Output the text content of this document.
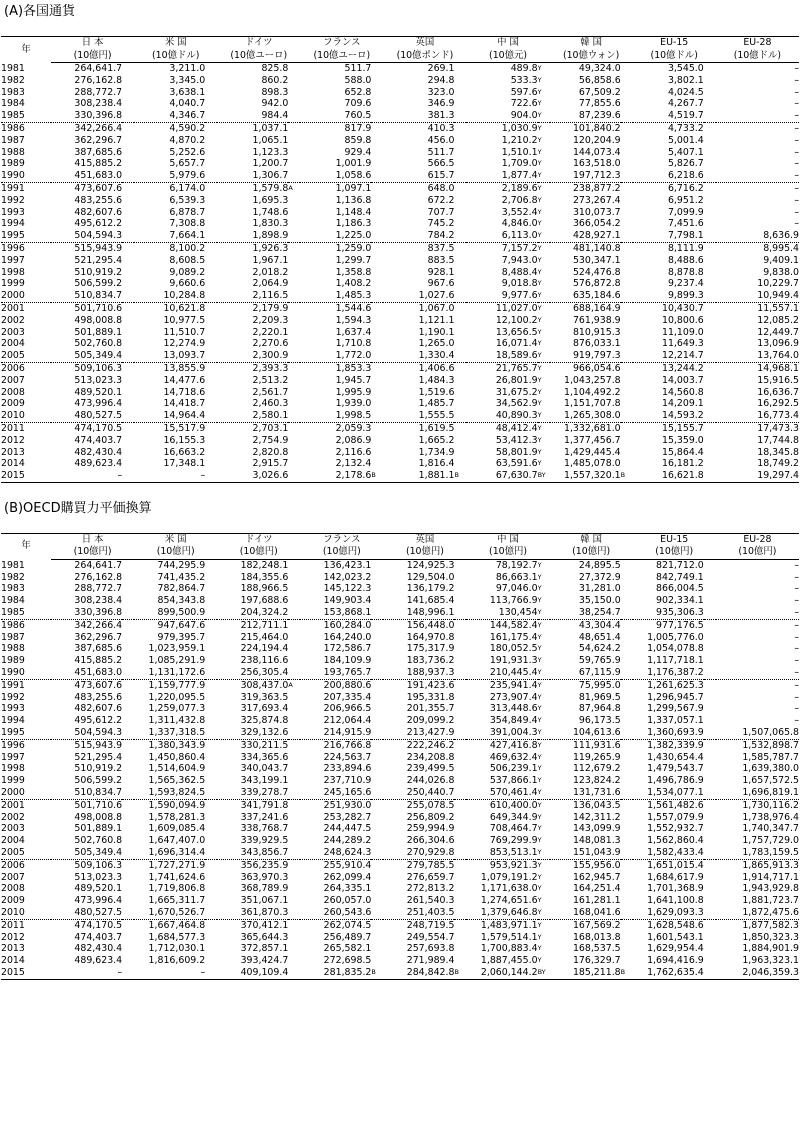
(A)各国通貨
年	日 本		米 国		ドイツ		フランス		英国		中 国		韓 国		EU-15		EU-28
	(10億円)		(10億ドル)		(10億ユーロ)		(10億ユーロ)		(10億ポンド)		(10億元)		(10億ウォン)		(10億ドル)		(10億ドル)
1981	264,641.7		3,211.0		825.8		511.7		269.1		489.8	Y	49,324.0		3,545.0		–
1982	276,162.8		3,345.0		860.2		588.0		294.8		533.3	Y	56,858.6		3,802.1		–
1983	288,772.7		3,638.1		898.3		652.8		323.0		597.6	Y	67,509.2		4,024.5		–
1984	308,238.4		4,040.7		942.0		709.6		346.9		722.6	Y	77,855.6		4,267.7		–
1985	330,396.8		4,346.7		984.4		760.5		381.3		904.0	Y	87,239.6		4,519.7		–
1986	342,266.4		4,590.2		1,037.1		817.9		410.3		1,030.9	Y	101,840.2		4,733.2		–
1987	362,296.7		4,870.2		1,065.1		859.8		456.0		1,210.2	Y	120,204.9		5,001.4		–
1988	387,685.6		5,252.6		1,123.3		929.4		511.7		1,510.1	Y	144,073.4		5,407.1		–
1989	415,885.2		5,657.7		1,200.7		1,001.9		566.5		1,709.0	Y	163,518.0		5,826.7		–
1990	451,683.0		5,979.6		1,306.7		1,058.6		615.7		1,877.4	Y	197,712.3		6,218.6		–
1991	473,607.6		6,174.0		1,579.8	A	1,097.1		648.0		2,189.6	Y	238,877.2		6,716.2		–
1992	483,255.6		6,539.3		1,695.3		1,136.8		672.2		2,706.8	Y	273,267.4		6,951.2		–
1993	482,607.6		6,878.7		1,748.6		1,148.4		707.7		3,552.4	Y	310,073.7		7,099.9		–
1994	495,612.2		7,308.8		1,830.3		1,186.3		745.2		4,846.0	Y	366,054.2		7,451.6		–
1995	504,594.3		7,664.1		1,898.9		1,225.0		784.2		6,113.0	Y	428,927.1		7,798.1		8,636.9
1996	515,943.9		8,100.2		1,926.3		1,259.0		837.5		7,157.2	Y	481,140.8		8,111.9		8,995.4
1997	521,295.4		8,608.5		1,967.1		1,299.7		883.5		7,943.0	Y	530,347.1		8,488.6		9,409.1
1998	510,919.2		9,089.2		2,018.2		1,358.8		928.1		8,488.4	Y	524,476.8		8,878.8		9,838.0
1999	506,599.2		9,660.6		2,064.9		1,408.2		967.6		9,018.8	Y	576,872.8		9,237.4		10,229.7
2000	510,834.7		10,284.8		2,116.5		1,485.3		1,027.6		9,977.6	Y	635,184.6		9,899.3		10,949.4
2001	501,710.6		10,621.8		2,179.9		1,544.6		1,067.0		11,027.0	Y	688,164.9		10,430.7		11,557.1
2002	498,008.8		10,977.5		2,209.3		1,594.3		1,121.1		12,100.2	Y	761,938.9		10,800.6		12,085.2
2003	501,889.1		11,510.7		2,220.1		1,637.4		1,190.1		13,656.5	Y	810,915.3		11,109.0		12,449.7
2004	502,760.8		12,274.9		2,270.6		1,710.8		1,265.0		16,071.4	Y	876,033.1		11,649.3		13,096.9
2005	505,349.4		13,093.7		2,300.9		1,772.0		1,330.4		18,589.6	Y	919,797.3		12,214.7		13,764.0
2006	509,106.3		13,855.9		2,393.3		1,853.3		1,406.6		21,765.7	Y	966,054.6		13,244.2		14,968.1
2007	513,023.3		14,477.6		2,513.2		1,945.7		1,484.3		26,801.9	Y	1,043,257.8		14,003.7		15,916.5
2008	489,520.1		14,718.6		2,561.7		1,995.9		1,519.6		31,675.2	Y	1,104,492.2		14,560.8		16,636.7
2009	473,996.4		14,418.7		2,460.3		1,939.0		1,485.7		34,562.9	Y	1,151,707.8		14,209.1		16,292.5
2010	480,527.5		14,964.4		2,580.1		1,998.5		1,555.5		40,890.3	Y	1,265,308.0		14,593.2		16,773.4
2011	474,170.5		15,517.9		2,703.1		2,059.3		1,619.5		48,412.4	Y	1,332,681.0		15,155.7		17,473.3
2012	474,403.7		16,155.3		2,754.9		2,086.9		1,665.2		53,412.3	Y	1,377,456.7		15,359.0		17,744.8
2013	482,430.4		16,663.2		2,820.8		2,116.6		1,734.9		58,801.9	Y	1,429,445.4		15,864.4		18,345.8
2014	489,623.4		17,348.1		2,915.7		2,132.4		1,816.4		63,591.6	Y	1,485,078.0		16,181.2		18,749.2
2015	–		–		3,026.6		2,178.6	B	1,881.1	B	67,630.7	BY	1,557,320.1	B	16,621.8		19,297.4
(B)OECD購買力平価換算
年	日 本		米 国		ドイツ		フランス		英国		中 国		韓 国		EU-15		EU-28
	(10億円)		(10億円)		(10億円)		(10億円)		(10億円)		(10億円)		(10億円)		(10億円)		(10億円)
1981	264,641.7		744,295.9		182,248.1		136,423.1		124,925.3		78,192.7	Y	24,895.5		821,712.0		–
1982	276,162.8		741,435.2		184,355.6		142,023.2		129,504.0		86,663.1	Y	27,372.9		842,749.1		–
1983	288,772.7		782,864.7		188,966.5		145,122.3		136,179.2		97,046.0	Y	31,281.0		866,004.5		–
1984	308,238.4		854,343.8		197,688.6		149,903.4		141,685.4		113,766.9	Y	35,150.0		902,334.1		–
1985	330,396.8		899,500.9		204,324.2		153,868.1		148,996.1		130,454	Y	38,254.7		935,306.3		–
1986	342,266.4		947,647.6		212,711.1		160,284.0		156,448.0		144,582.4	Y	43,304.4		977,176.5		–
1987	362,296.7		979,395.7		215,464.0		164,240.0		164,970.8		161,175.4	Y	48,651.4		1,005,776.0		–
1988	387,685.6		1,023,959.1		224,194.4		172,586.7		175,317.9		180,052.5	Y	54,624.2		1,054,078.8		–
1989	415,885.2		1,085,291.9		238,116.6		184,109.9		183,736.2		191,931.3	Y	59,765.9		1,117,718.1		–
1990	451,683.0		1,131,172.6		256,305.4		193,765.7		188,937.3		210,445.4	Y	67,115.9		1,176,387.2		–
1991	473,607.6		1,159,777.9		308,437.0	A	200,880.6		191,423.6		235,941.4	Y	75,995.0		1,261,625.3		–
1992	483,255.6		1,220,095.5		319,363.5		207,335.4		195,331.8		273,907.4	Y	81,969.5		1,296,945.7		–
1993	482,607.6		1,259,077.3		317,693.4		206,966.5		201,355.7		313,448.6	Y	87,964.8		1,299,567.9		–
1994	495,612.2		1,311,432.8		325,874.8		212,064.4		209,099.2		354,849.4	Y	96,173.5		1,337,057.1		–
1995	504,594.3		1,337,318.5		329,132.6		214,915.9		213,427.9		391,004.3	Y	104,613.6		1,360,693.9		1,507,065.8
1996	515,943.9		1,380,343.9		330,211.5		216,766.8		222,246.2		427,416.8	Y	111,931.6		1,382,339.9		1,532,898.7
1997	521,295.4		1,450,860.4		334,365.6		224,563.7		234,208.8		469,632.4	Y	119,265.9		1,430,654.4		1,585,787.7
1998	510,919.2		1,514,604.9		340,043.7		233,894.6		239,499.5		506,239.1	Y	112,679.2		1,479,543.7		1,639,380.0
1999	506,599.2		1,565,362.5		343,199.1		237,710.9		244,026.8		537,866.1	Y	123,824.2		1,496,786.9		1,657,572.5
2000	510,834.7		1,593,824.5		339,278.7		245,165.6		250,440.7		570,461.4	Y	131,731.6		1,534,077.1		1,696,819.1
2001	501,710.6		1,590,094.9		341,791.8		251,930.0		255,078.5		610,400.0	Y	136,043.5		1,561,482.6		1,730,116.2
2002	498,008.8		1,578,281.3		337,241.6		253,282.7		256,809.2		649,344.9	Y	142,311.2		1,557,079.9		1,738,976.4
2003	501,889.1		1,609,085.4		338,768.7		244,447.5		259,994.9		708,464.7	Y	143,099.9		1,552,932.7		1,740,347.7
2004	502,760.8		1,647,407.0		339,929.5		244,289.2		266,304.6		769,299.9	Y	148,081.3		1,562,860.4		1,757,729.0
2005	505,349.4		1,696,314.4		343,856.7		248,624.3		270,929.8		853,513.1	Y	151,043.9		1,582,433.4		1,783,159.5
2006	509,106.3		1,727,271.9		356,235.9		255,910.4		279,785.5		953,921.3	Y	155,956.0		1,651,015.4		1,865,913.3
2007	513,023.3		1,741,624.6		363,970.3		262,099.4		276,659.7		1,079,191.2	Y	162,945.7		1,684,617.9		1,914,717.1
2008	489,520.1		1,719,806.8		368,789.9		264,335.1		272,813.2		1,171,638.0	Y	164,251.4		1,701,368.9		1,943,929.8
2009	473,996.4		1,665,311.7		351,067.1		260,057.0		261,540.3		1,274,651.6	Y	161,281.1		1,641,100.8		1,881,723.7
2010	480,527.5		1,670,526.7		361,870.3		260,543.6		251,403.5		1,379,646.8	Y	168,041.6		1,629,093.3		1,872,475.6
2011	474,170.5		1,667,464.8		370,412.1		262,074.5		248,719.5		1,483,971.1	Y	167,569.2		1,628,548.6		1,877,582.3
2012	474,403.7		1,684,577.3		365,644.3		256,489.7		249,554.7		1,579,514.1	Y	168,013.8		1,601,543.1		1,850,323.3
2013	482,430.4		1,712,030.1		372,857.1		265,582.1		257,693.8		1,700,883.4	Y	168,537.5		1,629,954.4		1,884,901.9
2014	489,623.4		1,816,609.2		393,424.7		272,698.5		271,989.4		1,887,455.0	Y	176,329.7		1,694,416.9		1,963,323.1
2015	–		–		409,109.4		281,835.2	B	284,842.8	B	2,060,144.2	BY	185,211.8	B	1,762,635.4		2,046,359.3
